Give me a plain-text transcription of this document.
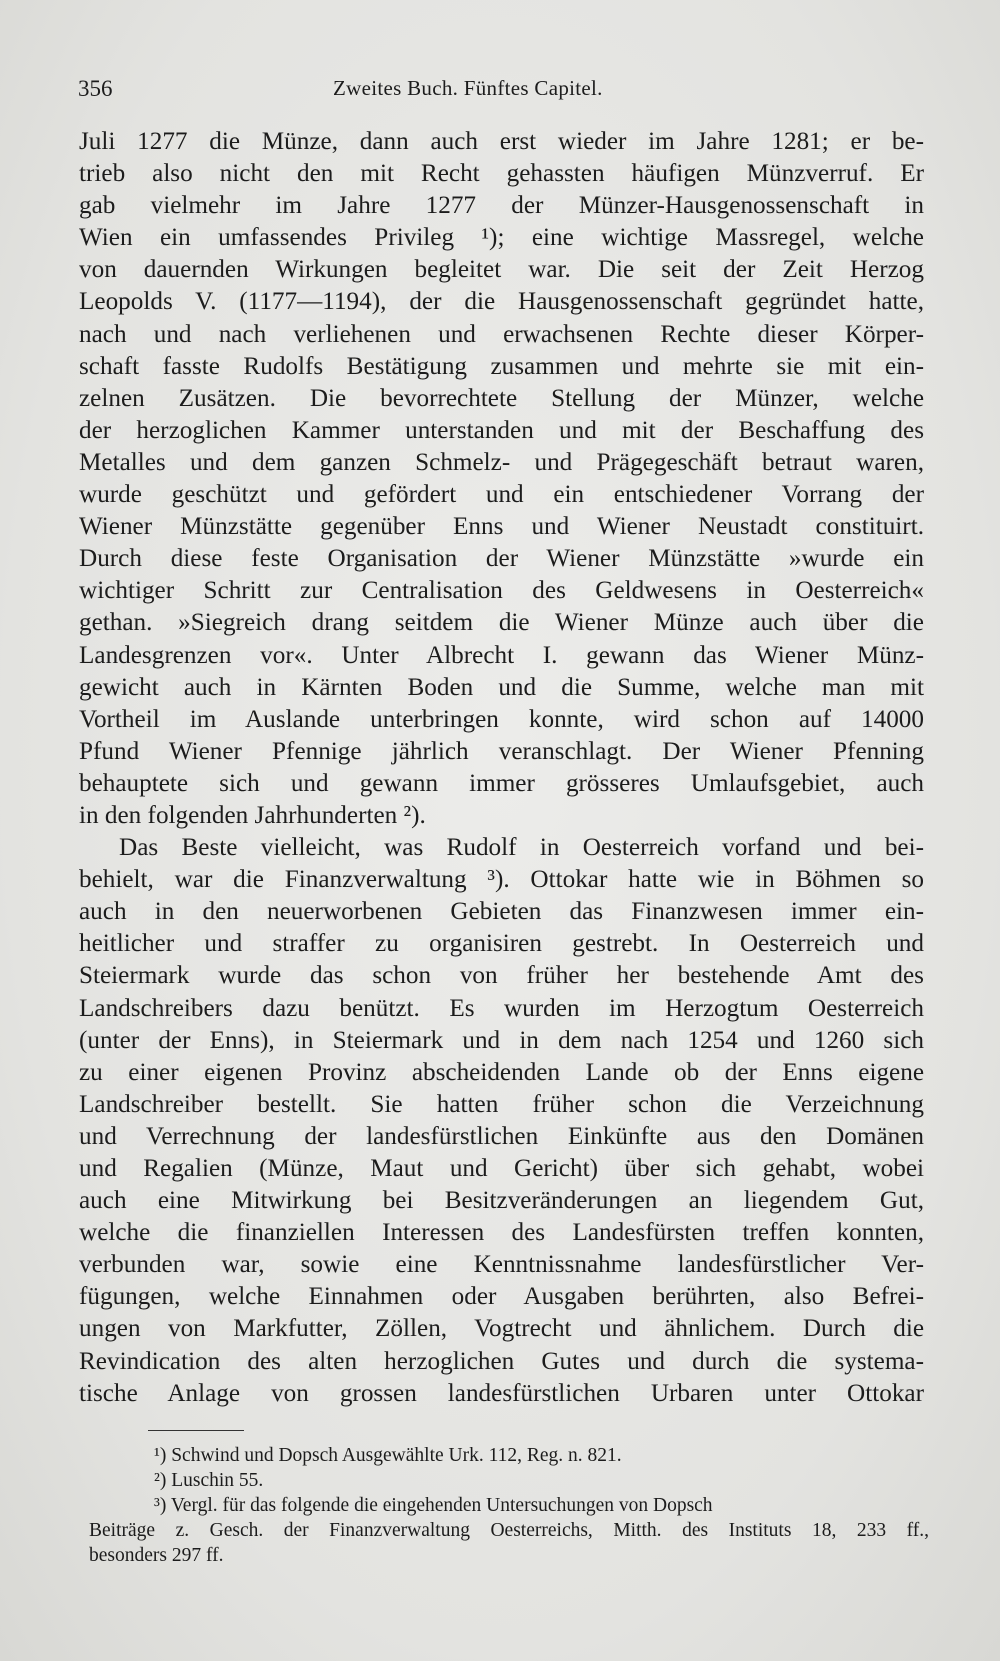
356	Zweites Buch. Fünftes Capitel.
Juli 1277 die Münze, dann auch erst wieder im Jahre 1281; er be-
trieb also nicht den mit Recht gehassten häufigen Münzverruf. Er
gab vielmehr im Jahre 1277 der Münzer-Hausgenossenschaft in
Wien ein umfassendes Privileg ¹); eine wichtige Massregel, welche
von dauernden Wirkungen begleitet war. Die seit der Zeit Herzog
Leopolds V. (1177—1194), der die Hausgenossenschaft gegründet hatte,
nach und nach verliehenen und erwachsenen Rechte dieser Körper-
schaft fasste Rudolfs Bestätigung zusammen und mehrte sie mit ein-
zelnen Zusätzen. Die bevorrechtete Stellung der Münzer, welche
der herzoglichen Kammer unterstanden und mit der Beschaffung des
Metalles und dem ganzen Schmelz- und Prägegeschäft betraut waren,
wurde geschützt und gefördert und ein entschiedener Vorrang der
Wiener Münzstätte gegenüber Enns und Wiener Neustadt constituirt.
Durch diese feste Organisation der Wiener Münzstätte »wurde ein
wichtiger Schritt zur Centralisation des Geldwesens in Oesterreich«
gethan. »Siegreich drang seitdem die Wiener Münze auch über die
Landesgrenzen vor«. Unter Albrecht I. gewann das Wiener Münz-
gewicht auch in Kärnten Boden und die Summe, welche man mit
Vortheil im Auslande unterbringen konnte, wird schon auf 14000
Pfund Wiener Pfennige jährlich veranschlagt. Der Wiener Pfenning
behauptete sich und gewann immer grösseres Umlaufsgebiet, auch
in den folgenden Jahrhunderten ²).
Das Beste vielleicht, was Rudolf in Oesterreich vorfand und bei-
behielt, war die Finanzverwaltung ³). Ottokar hatte wie in Böhmen so
auch in den neuerworbenen Gebieten das Finanzwesen immer ein-
heitlicher und straffer zu organisiren gestrebt. In Oesterreich und
Steiermark wurde das schon von früher her bestehende Amt des
Landschreibers dazu benützt. Es wurden im Herzogtum Oesterreich
(unter der Enns), in Steiermark und in dem nach 1254 und 1260 sich
zu einer eigenen Provinz abscheidenden Lande ob der Enns eigene
Landschreiber bestellt. Sie hatten früher schon die Verzeichnung
und Verrechnung der landesfürstlichen Einkünfte aus den Domänen
und Regalien (Münze, Maut und Gericht) über sich gehabt, wobei
auch eine Mitwirkung bei Besitzveränderungen an liegendem Gut,
welche die finanziellen Interessen des Landesfürsten treffen konnten,
verbunden war, sowie eine Kenntnissnahme landesfürstlicher Ver-
fügungen, welche Einnahmen oder Ausgaben berührten, also Befrei-
ungen von Markfutter, Zöllen, Vogtrecht und ähnlichem. Durch die
Revindication des alten herzoglichen Gutes und durch die systema-
tische Anlage von grossen landesfürstlichen Urbaren unter Ottokar
¹) Schwind und Dopsch Ausgewählte Urk. 112, Reg. n. 821.
²) Luschin 55.
³) Vergl. für das folgende die eingehenden Untersuchungen von Dopsch
Beiträge z. Gesch. der Finanzverwaltung Oesterreichs, Mitth. des Instituts 18, 233 ff.,
besonders 297 ff.
